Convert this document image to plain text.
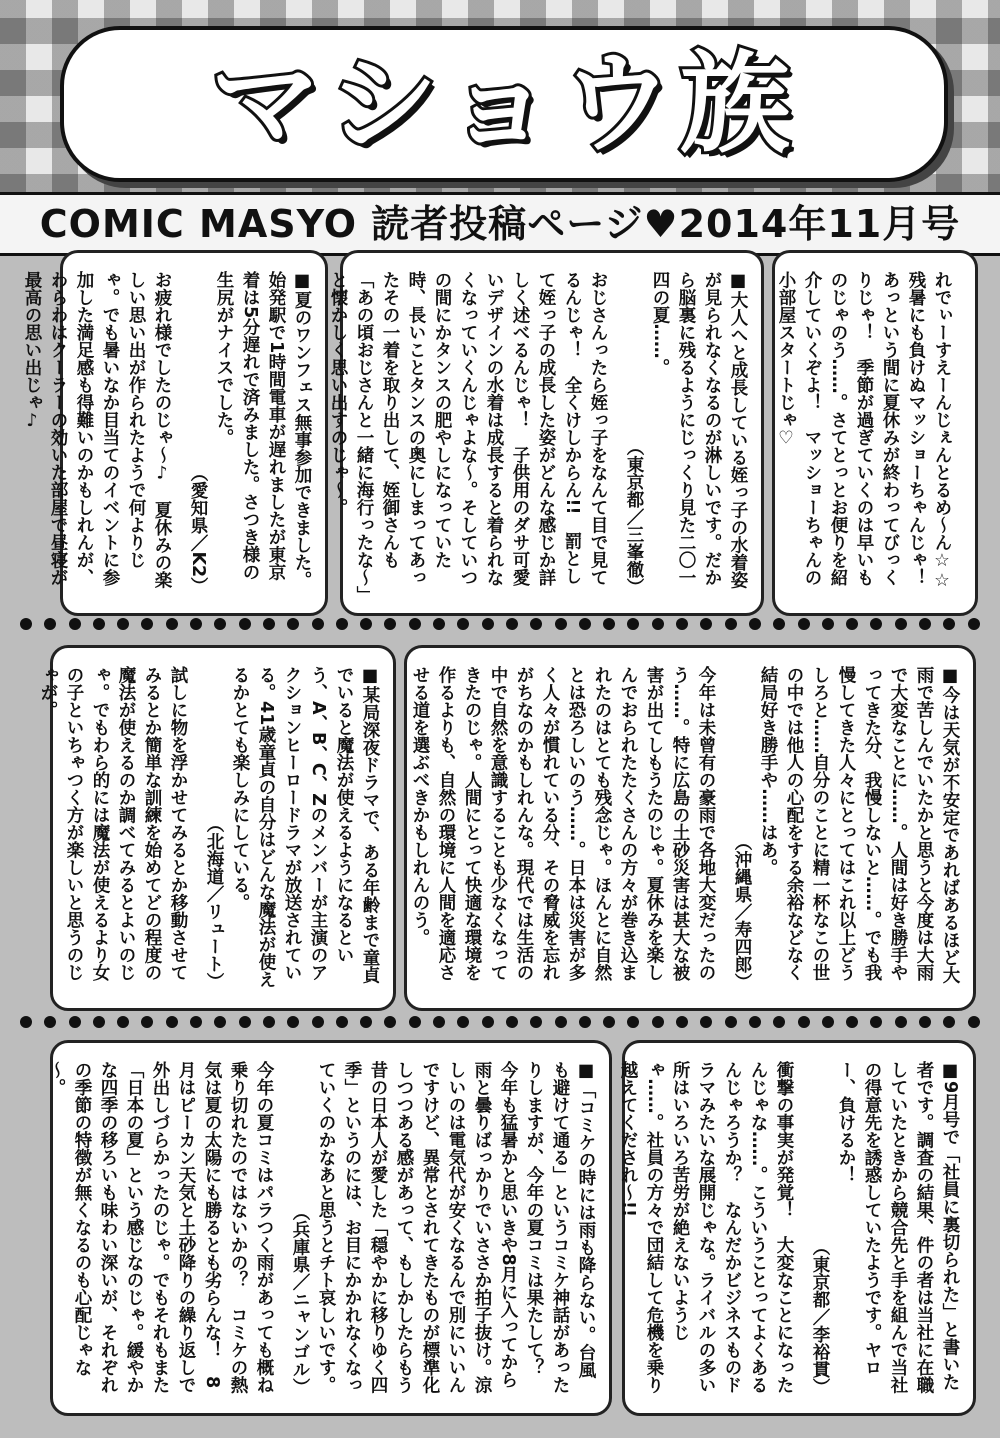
マショウ族
COMIC MASYO 読者投稿ページ♥2014年11月号
■夏のワンフェス無事参加できました。始発駅で1時間電車が遅れましたが東京着は5分遅れで済みました。さつき様の生尻がナイスでした。
（愛知県／K2）
お疲れ様でしたのじゃ～♪　夏休みの楽しい思い出が作られたようで何よりじゃ。でも暑いなか目当てのイベントに参加した満足感も得難いのかもしれんが、わらわはクーラーの効いた部屋で昼寝が最高の思い出じゃ♪	■大人へと成長している姪っ子の水着姿が見られなくなるのが淋しいです。だから脳裏に残るようにじっくり見た二〇一四の夏……。
（東京都／三峯徹）
おじさんったら姪っ子をなんて目で見てるんじゃ！　全くけしからん!!　罰として姪っ子の成長した姿がどんな感じか詳しく述べるんじゃ！　子供用のダサ可愛いデザインの水着は成長すると着られなくなっていくんじゃよな～。そしていつの間にかタンスの肥やしになっていた時、長いことタンスの奥にしまってあったその一着を取り出して、姪御さんも「あの頃おじさんと一緒に海行ったな～」と懐かしく思い出すのじゃ～。	れでぃーすえーんじぇんとるめ～ん☆☆　残暑にも負けぬマッショーちゃんじゃ！　あっという間に夏休みが終わってびっくりじゃ！　季節が過ぎていくのは早いものじゃのう……。さてとっとお便りを紹介していくぞよ！　マッショーちゃんの小部屋スタートじゃ♡
■某局深夜ドラマで、ある年齢まで童貞でいると魔法が使えるようになるという、A、B、C、Zのメンバーが主演のアクションヒーロードラマが放送されている。41歳童貞の自分はどんな魔法が使えるかとても楽しみにしている。
（北海道／リュート）
試しに物を浮かせてみるとか移動させてみるとか簡単な訓練を始めてどの程度の魔法が使えるのか調べてみるとよいのじゃ。でもわら的には魔法が使えるより女の子といちゃつく方が楽しいと思うのじゃが。	■今は天気が不安定であればあるほど大雨で苦しんでいたかと思うと今度は大雨で大変なことに……。人間は好き勝手やってきた分、我慢しないと……。でも我慢してきた人々にとってはこれ以上どうしろと……自分のことに精一杯なこの世の中では他人の心配をする余裕などなく結局好き勝手や……はあ。
（沖縄県／寿四郎）
今年は未曾有の豪雨で各地大変だったのう……。特に広島の土砂災害は甚大な被害が出てしもうたのじゃ。夏休みを楽しんでおられたたくさんの方々が巻き込まれたのはとても残念じゃ。ほんとに自然とは恐ろしいのう……。日本は災害が多く人々が慣れている分、その脅威を忘れがちなのかもしれんな。現代では生活の中で自然を意識することも少なくなってきたのじゃ。人間にとって快適な環境を作るよりも、自然の環境に人間を適応させる道を選ぶべきかもしれんのう。
■「コミケの時には雨も降らない。台風も避けて通る」というコミケ神話があったりしますが、今年の夏コミは果たして？　今年も猛暑かと思いきや8月に入ってから雨と曇りばっかりでいささか拍子抜け。涼しいのは電気代が安くなるんで別にいいんですけど、異常とされてきたものが標準化しつつある感があって、もしかしたらもう昔の日本人が愛した「穏やかに移りゆく四季」というのには、お目にかかれなくなっていくのかなあと思うとチト哀しいです。
（兵庫県／ニャンゴル）
今年の夏コミはパラつく雨があっても概ね乗り切れたのではないかの？　コミケの熱気は夏の太陽にも勝るとも劣らんな！　8月はピーカン天気と土砂降りの繰り返しで外出しづらかったのじゃ。でもそれもまた「日本の夏」という感じなのじゃ。緩やかな四季の移ろいも味わい深いが、それぞれの季節の特徴が無くなるのも心配じゃな～。	■9月号で「社員に裏切られた」と書いた者です。調査の結果、件の者は当社に在職していたときから競合先と手を組んで当社の得意先を誘惑していたようです。ヤロー、負けるか！
（東京都／李裕貫）
衝撃の事実が発覚！　大変なことになったんじゃな……。こういうことってよくあるんじゃろうか？　なんだかビジネスものドラマみたいな展開じゃな。ライバルの多い所はいろいろ苦労が絶えないようじゃ……。社員の方々で団結して危機を乗り越えてくだされ～!!
